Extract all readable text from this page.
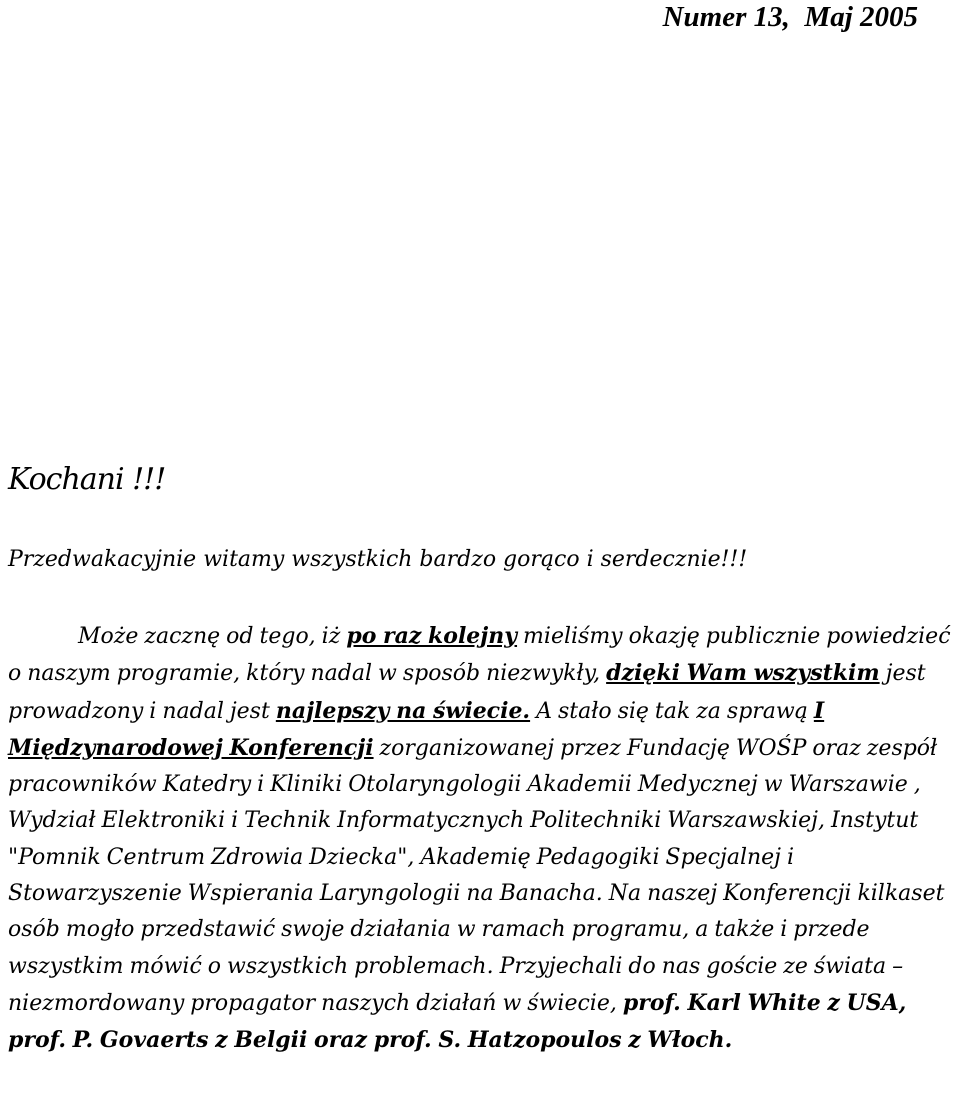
Numer 13, Maj 2005
Kochani !!!
Przedwakacyjnie witamy wszystkich bardzo gorąco i serdecznie!!!
Może zacznę od tego, iż po raz kolejny mieliśmy okazję publicznie powiedzieć o naszym programie, który nadal w sposób niezwykły, dzięki Wam wszystkim jest prowadzony i nadal jest najlepszy na świecie. A stało się tak za sprawą I Międzynarodowej Konferencji zorganizowanej przez Fundację WOŚP oraz zespół pracowników Katedry i Kliniki Otolaryngologii Akademii Medycznej w Warszawie , Wydział Elektroniki i Technik Informatycznych Politechniki Warszawskiej, Instytut "Pomnik Centrum Zdrowia Dziecka", Akademię Pedagogiki Specjalnej i Stowarzyszenie Wspierania Laryngologii na Banacha. Na naszej Konferencji kilkaset osób mogło przedstawić swoje działania w ramach programu, a także i przede wszystkim mówić o wszystkich problemach. Przyjechali do nas goście ze świata – niezmordowany propagator naszych działań w świecie, prof. Karl White z USA, prof. P. Govaerts z Belgii oraz prof. S. Hatzopoulos z Włoch.
